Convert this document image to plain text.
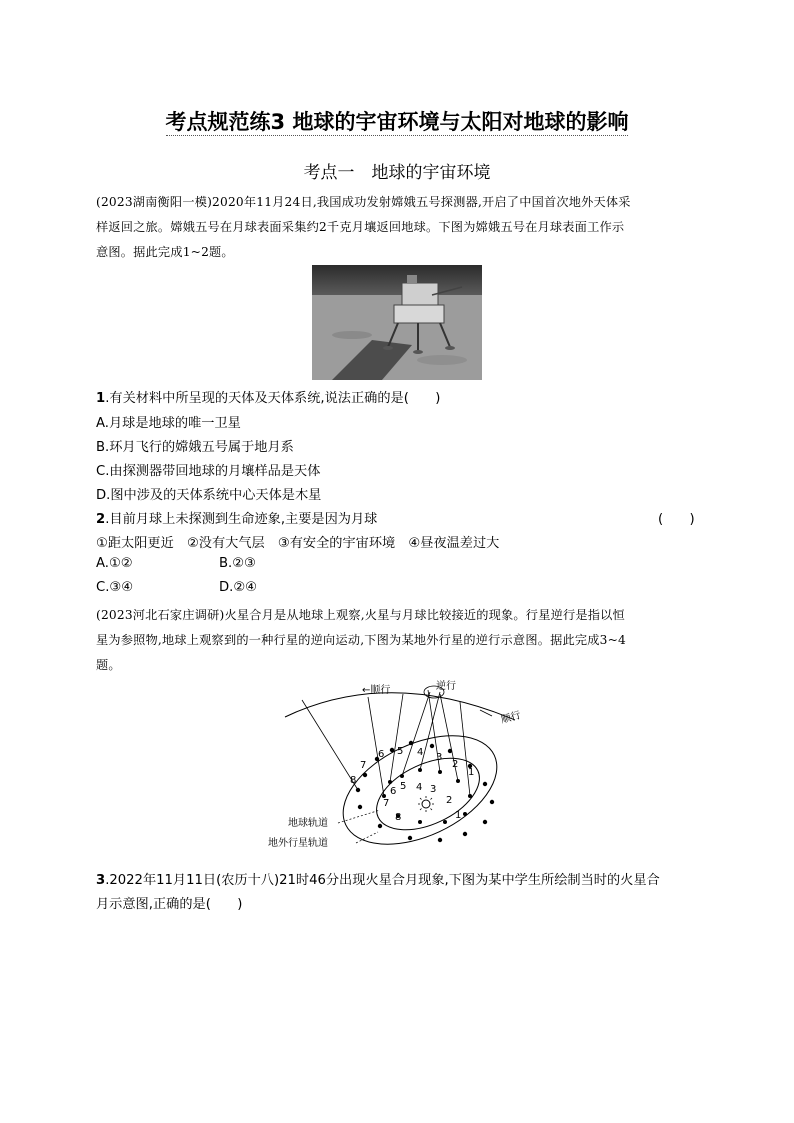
考点规范练3 地球的宇宙环境与太阳对地球的影响
考点一　地球的宇宙环境
(2023湖南衡阳一模)2020年11月24日,我国成功发射嫦娥五号探测器,开启了中国首次地外天体采
样返回之旅。嫦娥五号在月球表面采集约2千克月壤返回地球。下图为嫦娥五号在月球表面工作示
意图。据此完成1~2题。
1.有关材料中所呈现的天体及天体系统,说法正确的是(　　)
A.月球是地球的唯一卫星
B.环月飞行的嫦娥五号属于地月系
C.由探测器带回地球的月壤样品是天体
D.图中涉及的天体系统中心天体是木星
2.目前月球上未探测到生命迹象,主要是因为月球	(　　)
①距太阳更近　②没有大气层　③有安全的宇宙环境　④昼夜温差过大
A.①②	B.②③
C.③④	D.②④
(2023河北石家庄调研)火星合月是从地球上观察,火星与月球比较接近的现象。行星逆行是指以恒
星为参照物,地球上观察到的一种行星的逆向运动,下图为某地外行星的逆行示意图。据此完成3~4
题。
←顺行	逆行
顺行
8
7
6 5 4 3
2
1
7
6 5 4 3
2
1
8
地球轨道
地外行星轨道
3.2022年11月11日(农历十八)21时46分出现火星合月现象,下图为某中学生所绘制当时的火星合
月示意图,正确的是(　　)
